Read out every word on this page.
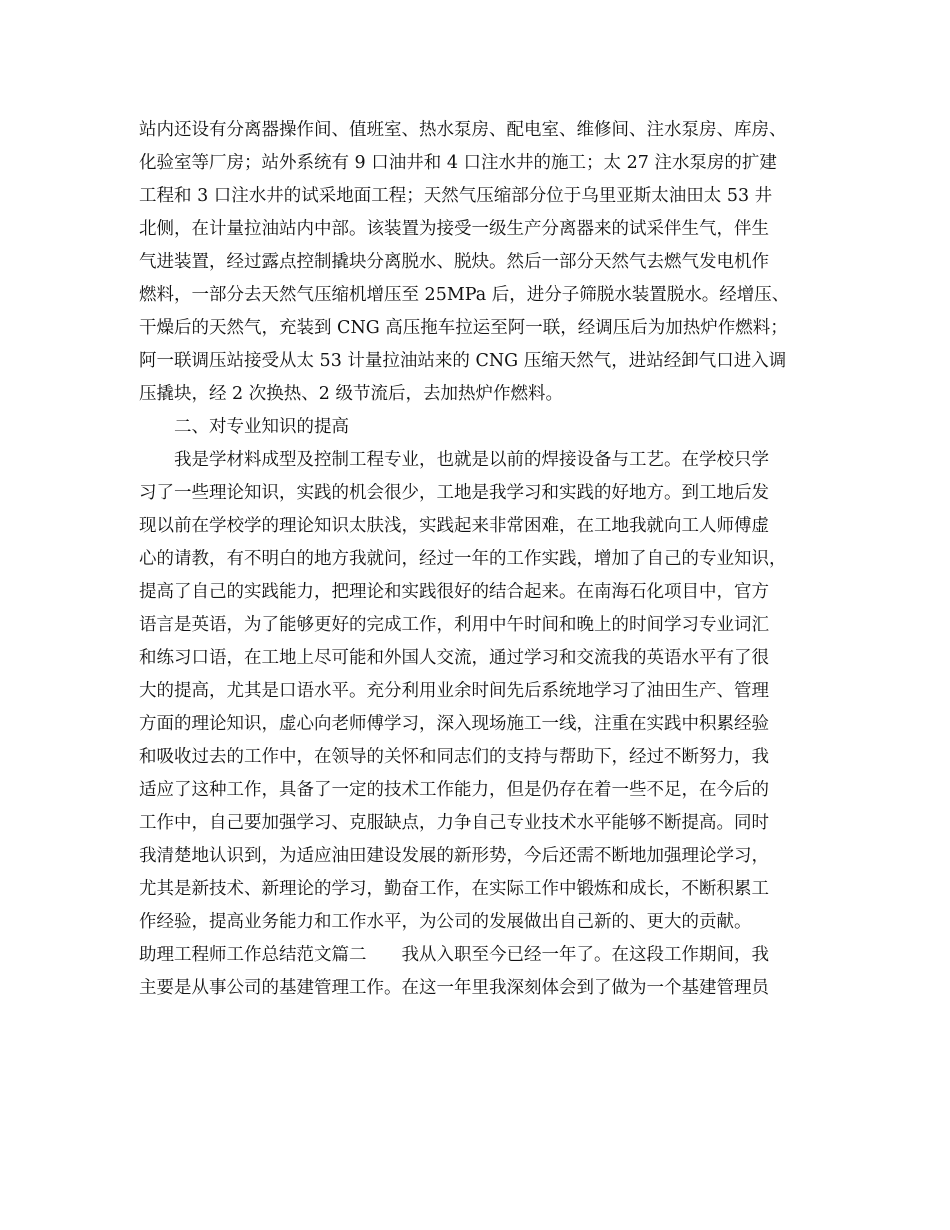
站内还设有分离器操作间、值班室、热水泵房、配电室、维修间、注水泵房、库房、
化验室等厂房；站外系统有 9 口油井和 4 口注水井的施工；太 27 注水泵房的扩建
工程和 3 口注水井的试采地面工程；天然气压缩部分位于乌里亚斯太油田太 53 井
北侧，在计量拉油站内中部。该装置为接受一级生产分离器来的试采伴生气，伴生
气进装置，经过露点控制撬块分离脱水、脱炔。然后一部分天然气去燃气发电机作
燃料，一部分去天然气压缩机增压至 25MPa 后，进分子筛脱水装置脱水。经增压、
干燥后的天然气，充装到 CNG 高压拖车拉运至阿一联，经调压后为加热炉作燃料；
阿一联调压站接受从太 53 计量拉油站来的 CNG 压缩天然气，进站经卸气口进入调
压撬块，经 2 次换热、2 级节流后，去加热炉作燃料。
二、对专业知识的提高
我是学材料成型及控制工程专业，也就是以前的焊接设备与工艺。在学校只学
习了一些理论知识，实践的机会很少，工地是我学习和实践的好地方。到工地后发
现以前在学校学的理论知识太肤浅，实践起来非常困难，在工地我就向工人师傅虚
心的请教，有不明白的地方我就问，经过一年的工作实践，增加了自己的专业知识，
提高了自己的实践能力，把理论和实践很好的结合起来。在南海石化项目中，官方
语言是英语，为了能够更好的完成工作，利用中午时间和晚上的时间学习专业词汇
和练习口语，在工地上尽可能和外国人交流，通过学习和交流我的英语水平有了很
大的提高，尤其是口语水平。充分利用业余时间先后系统地学习了油田生产、管理
方面的理论知识，虚心向老师傅学习，深入现场施工一线，注重在实践中积累经验
和吸收过去的工作中，在领导的关怀和同志们的支持与帮助下，经过不断努力，我
适应了这种工作，具备了一定的技术工作能力，但是仍存在着一些不足，在今后的
工作中，自己要加强学习、克服缺点，力争自己专业技术水平能够不断提高。同时
我清楚地认识到，为适应油田建设发展的新形势，今后还需不断地加强理论学习，
尤其是新技术、新理论的学习，勤奋工作，在实际工作中锻炼和成长，不断积累工
作经验，提高业务能力和工作水平，为公司的发展做出自己新的、更大的贡献。
助理工程师工作总结范文篇二　　我从入职至今已经一年了。在这段工作期间，我
主要是从事公司的基建管理工作。在这一年里我深刻体会到了做为一个基建管理员
